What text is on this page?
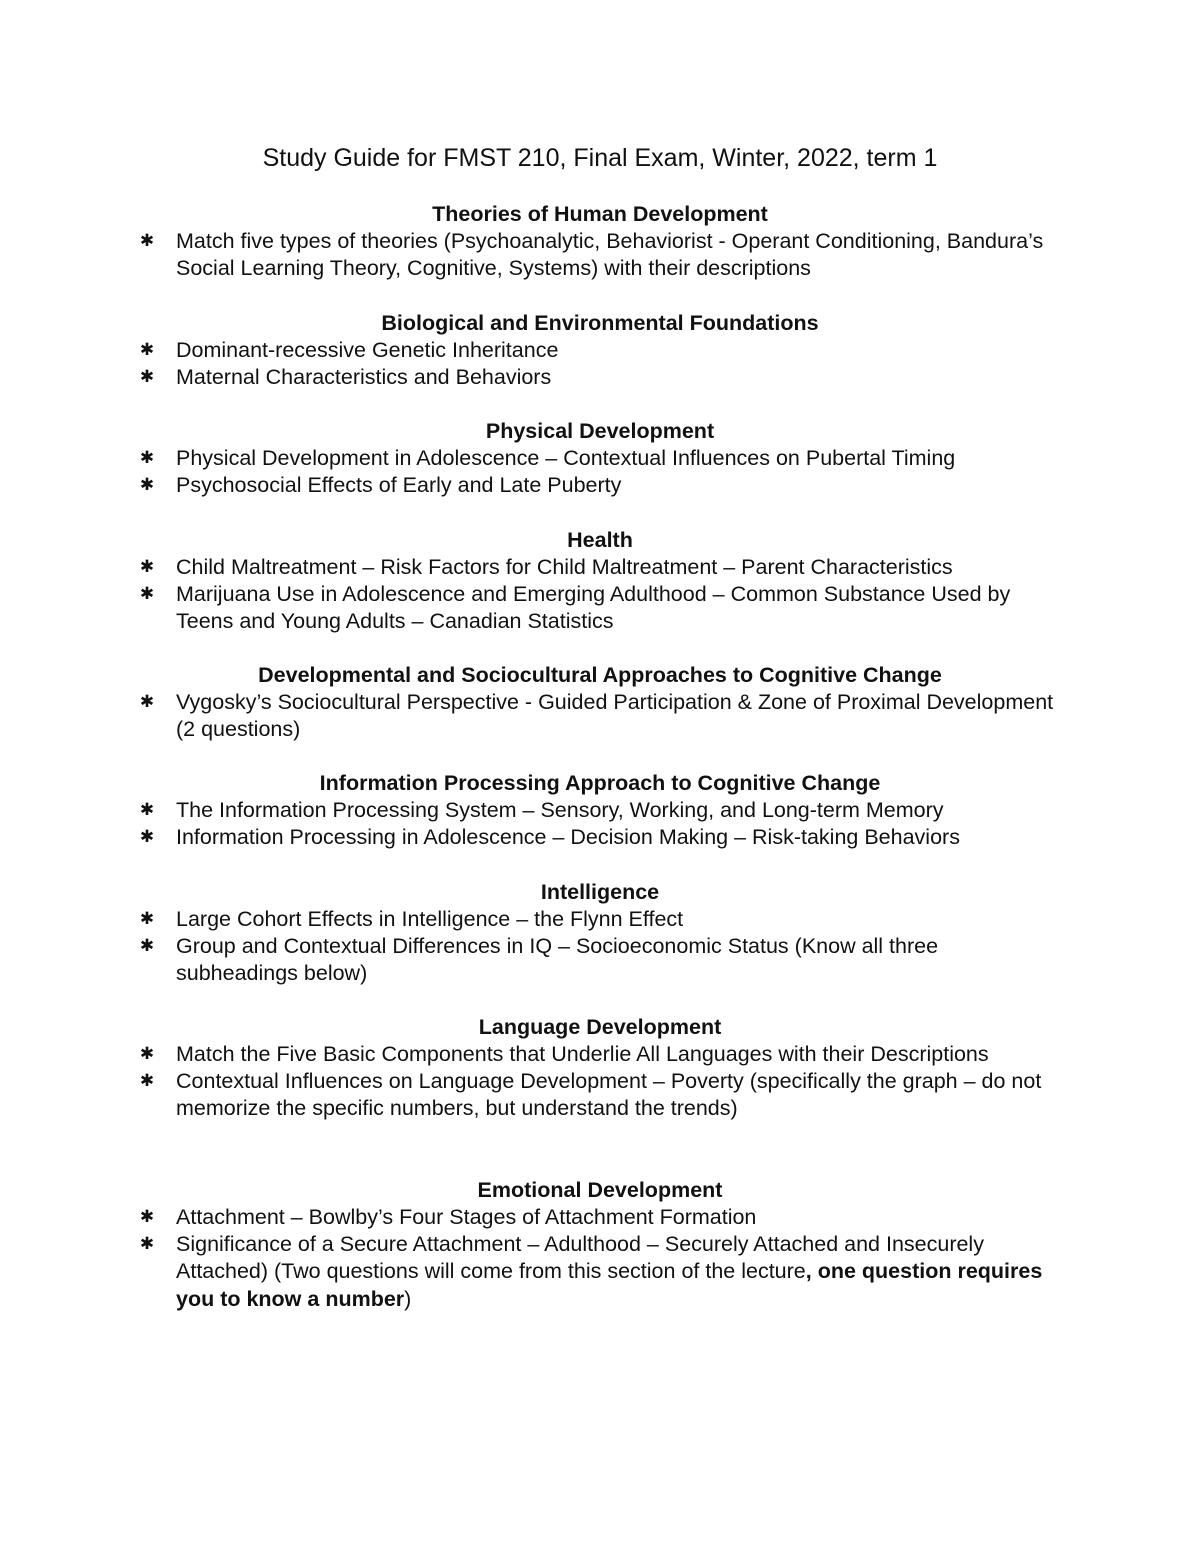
Study Guide for FMST 210, Final Exam, Winter, 2022, term 1
Theories of Human Development
✱ Match five types of theories (Psychoanalytic, Behaviorist - Operant Conditioning, Bandura’s Social Learning Theory, Cognitive, Systems) with their descriptions
Biological and Environmental Foundations
✱ Dominant-recessive Genetic Inheritance
✱ Maternal Characteristics and Behaviors
Physical Development
✱ Physical Development in Adolescence – Contextual Influences on Pubertal Timing
✱ Psychosocial Effects of Early and Late Puberty
Health
✱ Child Maltreatment – Risk Factors for Child Maltreatment – Parent Characteristics
✱ Marijuana Use in Adolescence and Emerging Adulthood – Common Substance Used by Teens and Young Adults – Canadian Statistics
Developmental and Sociocultural Approaches to Cognitive Change
✱ Vygosky’s Sociocultural Perspective - Guided Participation & Zone of Proximal Development (2 questions)
Information Processing Approach to Cognitive Change
✱ The Information Processing System – Sensory, Working, and Long-term Memory
✱ Information Processing in Adolescence – Decision Making – Risk-taking Behaviors
Intelligence
✱ Large Cohort Effects in Intelligence – the Flynn Effect
✱ Group and Contextual Differences in IQ – Socioeconomic Status (Know all three subheadings below)
Language Development
✱ Match the Five Basic Components that Underlie All Languages with their Descriptions
✱ Contextual Influences on Language Development – Poverty (specifically the graph – do not memorize the specific numbers, but understand the trends)
Emotional Development
✱ Attachment – Bowlby’s Four Stages of Attachment Formation
✱ Significance of a Secure Attachment – Adulthood – Securely Attached and Insecurely Attached) (Two questions will come from this section of the lecture, one question requires you to know a number)
